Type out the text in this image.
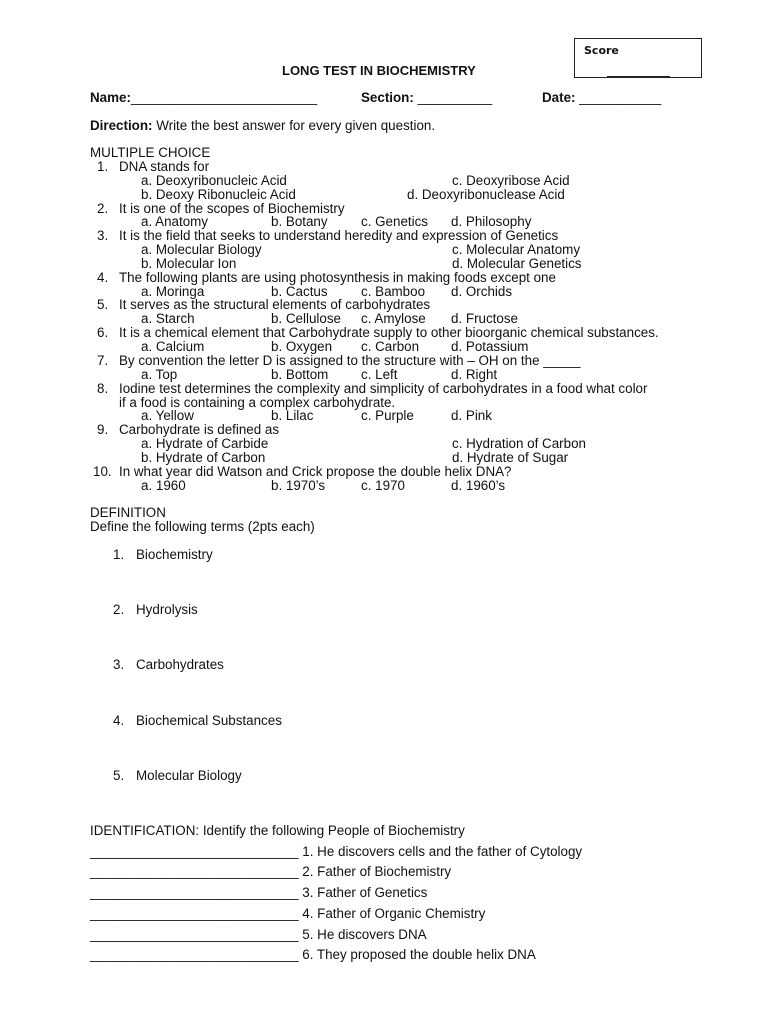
Score
LONG TEST IN BIOCHEMISTRY
Name:_________________________	Section: __________	Date: ___________
Direction: Write the best answer for every given question.
MULTIPLE CHOICE
1. DNA stands for
a. Deoxyribonucleic Acid	c. Deoxyribose Acid
b. Deoxy Ribonucleic Acid	d. Deoxyribonuclease Acid
2. It is one of the scopes of Biochemistry
a. Anatomy	b. Botany c. Genetics d. Philosophy
3. It is the field that seeks to understand heredity and expression of Genetics
a. Molecular Biology	c. Molecular Anatomy
b. Molecular Ion	d. Molecular Genetics
4. The following plants are using photosynthesis in making foods except one
a. Moringa	b. Cactus c. Bamboo d. Orchids
5. It serves as the structural elements of carbohydrates
a. Starch	b. Cellulose c. Amylose d. Fructose
6. It is a chemical element that Carbohydrate supply to other bioorganic chemical substances.
a. Calcium	b. Oxygen c. Carbon d. Potassium
7. By convention the letter D is assigned to the structure with – OH on the _____
a. Top	b. Bottom c. Left	d. Right
8. Iodine test determines the complexity and simplicity of carbohydrates in a food what color
if a food is containing a complex carbohydrate.
a. Yellow	b. Lilac	c. Purple	d. Pink
9. Carbohydrate is defined as
a. Hydrate of Carbide	c. Hydration of Carbon
b. Hydrate of Carbon	d. Hydrate of Sugar
10. In what year did Watson and Crick propose the double helix DNA?
a. 1960	b. 1970’s	c. 1970	d. 1960’s
DEFINITION
Define the following terms (2pts each)
1. Biochemistry
2. Hydrolysis
3. Carbohydrates
4. Biochemical Substances
5. Molecular Biology
IDENTIFICATION: Identify the following People of Biochemistry
____________________________ 1. He discovers cells and the father of Cytology
____________________________ 2. Father of Biochemistry
____________________________ 3. Father of Genetics
____________________________ 4. Father of Organic Chemistry
____________________________ 5. He discovers DNA
____________________________ 6. They proposed the double helix DNA
